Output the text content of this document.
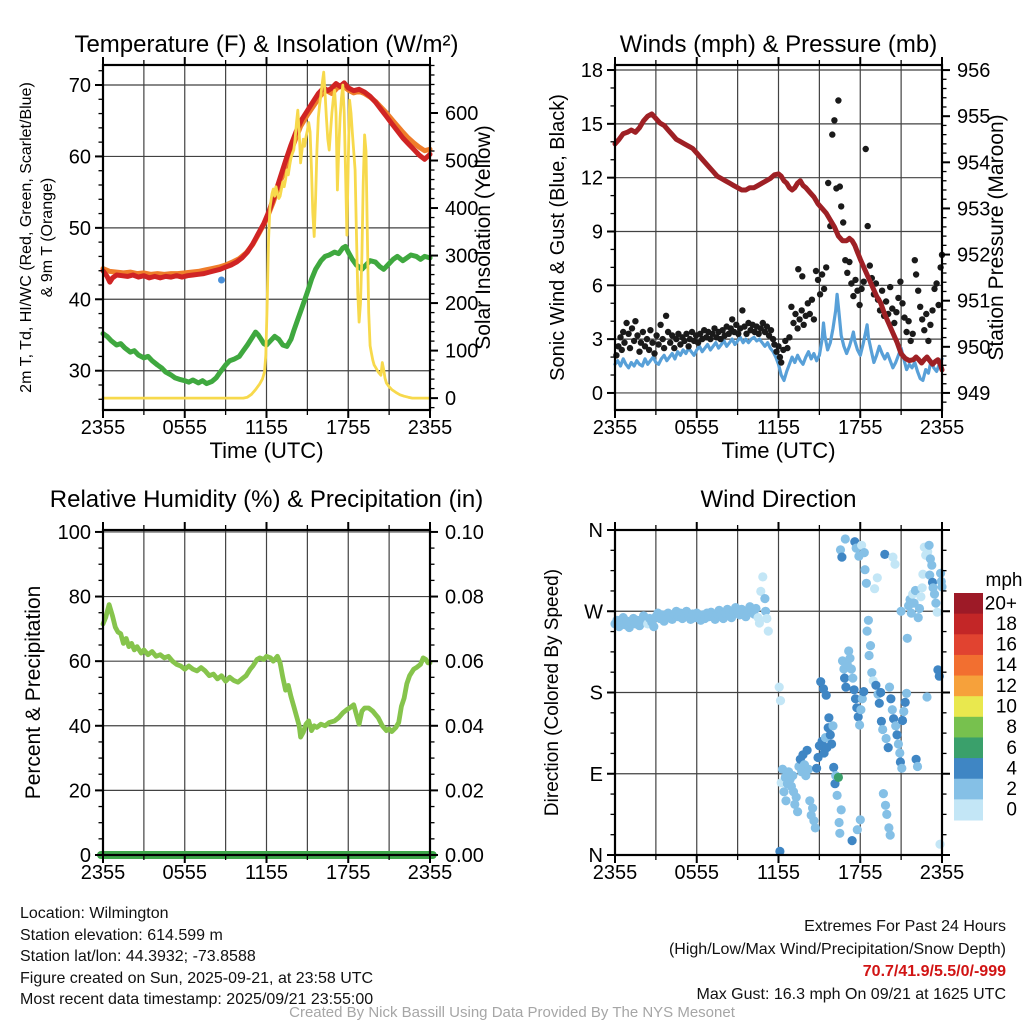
2355 0555 1155 1755 2355
30
40
50
60
70
0
100
200
300
400
500
600
Solar Insolation (Yellow)
Temperature (F) & Insolation (W/m²)
2m T, Td, HI/WC (Red, Green, Scarlet/Blue) & 9m T (Orange)
Time (UTC)
2355 0555 1155 1755 2355
0
3
6
9
12
15
18
949
950
951
952
953
954
955
956
Station Pressure (Maroon)
Winds (mph) & Pressure (mb)
Sonic Wind & Gust (Blue, Black)
Time (UTC)
2355 0555 1155 1755 2355
0
20
40
60
80
100
0.00
0.02
0.04
0.06
0.08
0.10
Relative Humidity (%) & Precipitation (in)
Percent & Precipitation
2355 0555 1155 1755 2355
N
E
S
W
N
Wind Direction
Direction (Colored By Speed)	mph
20+
18
16
14
12
10
8
6
4
2
0
Location: Wilmington
Station elevation: 614.599 m
Station lat/lon: 44.3932; -73.8588
Figure created on Sun, 2025-09-21, at 23:58 UTC
Most recent data timestamp: 2025/09/21 23:55:00
Extremes For Past 24 Hours
(High/Low/Max Wind/Precipitation/Snow Depth)
70.7/41.9/5.5/0/-999
Max Gust: 16.3 mph On 09/21 at 1625 UTC
Created By Nick Bassill Using Data Provided By The NYS Mesonet
